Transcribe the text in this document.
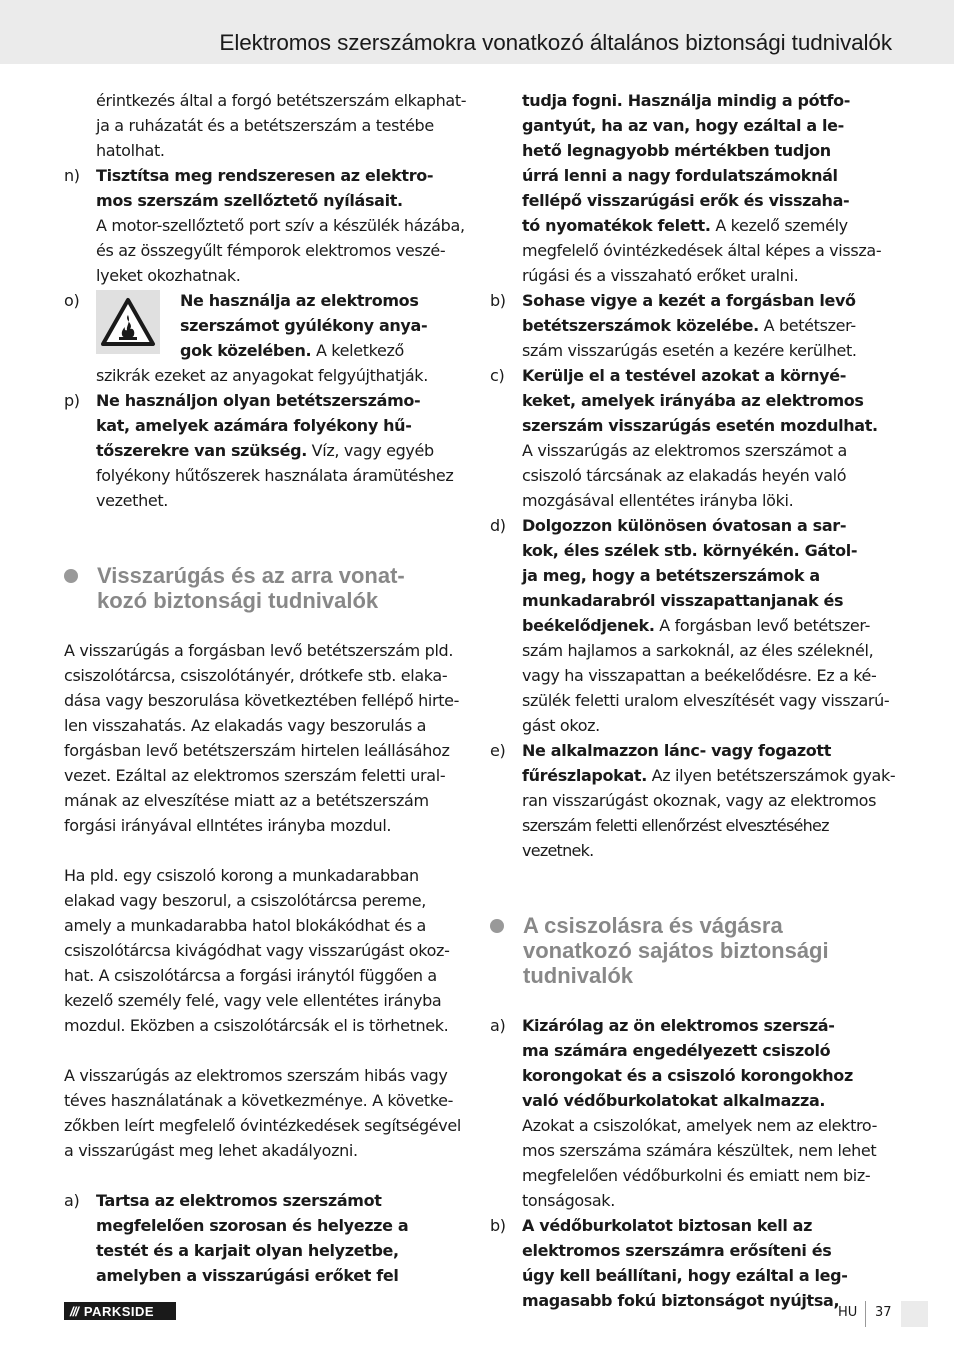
Elektromos szerszámokra vonatkozó általános biztonsági tudnivalók

érintkezés által a forgó betétszerszám elkaphat-

ja a ruházatát és a betétszerszám a testébe

hatolhat.

n) Tisztítsa meg rendszeresen az elektro-

mos szerszám szellőztető nyílásait.

A motor-szellőztető port szív a készülék házába,

és az összegyűlt fémporok elektromos veszé-

lyeket okozhatnak.

o)	Ne használja az elektromos

szerszámot gyúlékony anya-

gok közelében. A keletkező

szikrák ezeket az anyagokat felgyújthatják.

p) Ne használjon olyan betétszerszámo-

kat, amelyek azámára folyékony hű-

tőszerekre van szükség. Víz, vagy egyéb

folyékony hűtőszerek használata áramütéshez

vezethet.

Visszarúgás és az arra vonat-

kozó biztonsági tudnivalók

A visszarúgás a forgásban levő betétszerszám pld.

csiszolótárcsa, csiszolótányér, drótkefe stb. elaka-

dása vagy beszorulása következtében fellépő hirte-

len visszahatás. Az elakadás vagy beszorulás a

forgásban levő betétszerszám hirtelen leállásához

vezet. Ezáltal az elektromos szerszám feletti ural-

mának az elveszítése miatt az a betétszerszám

forgási irányával ellntétes irányba mozdul.

Ha pld. egy csiszoló korong a munkadarabban

elakad vagy beszorul, a csiszolótárcsa pereme,

amely a munkadarabba hatol blokákódhat és a

csiszolótárcsa kivágódhat vagy visszarúgást okoz-

hat. A csiszolótárcsa a forgási iránytól függően a

kezelő személy felé, vagy vele ellentétes irányba

mozdul. Eközben a csiszolótárcsák el is törhetnek.

A visszarúgás az elektromos szerszám hibás vagy

téves használatának a következménye. A követke-

zőkben leírt megfelelő óvintézkedések segítségével

a visszarúgást meg lehet akadályozni.

a) Tartsa az elektromos szerszámot

megfelelően szorosan és helyezze a

testét és a karjait olyan helyzetbe,

amelyben a visszarúgási erőket fel

tudja fogni. Használja mindig a pótfo-

gantyút, ha az van, hogy ezáltal a le-

hető legnagyobb mértékben tudjon

úrrá lenni a nagy fordulatszámoknál

fellépő visszarúgási erők és visszaha-

tó nyomatékok felett. A kezelő személy

megfelelő óvintézkedések által képes a vissza-

rúgási és a visszaható erőket uralni.

b) Sohase vigye a kezét a forgásban levő

betétszerszámok közelébe. A betétszer-

szám visszarúgás esetén a kezére kerülhet.

c) Kerülje el a testével azokat a környé-

keket, amelyek irányába az elektromos

szerszám visszarúgás esetén mozdulhat.

A visszarúgás az elektromos szerszámot a

csiszoló tárcsának az elakadás heyén való

mozgásával ellentétes irányba löki.

d) Dolgozzon különösen óvatosan a sar-

kok, éles szélek stb. környékén. Gátol-

ja meg, hogy a betétszerszámok a

munkadarabról visszapattanjanak és

beékelődjenek. A forgásban levő betétszer-

szám hajlamos a sarkoknál, az éles széleknél,

vagy ha visszapattan a beékelődésre. Ez a ké-

szülék feletti uralom elveszítését vagy visszarú-

gást okoz.

e) Ne alkalmazzon lánc- vagy fogazott

fűrészlapokat. Az ilyen betétszerszámok gyak-

ran visszarúgást okoznak, vagy az elektromos

szerszám feletti ellenőrzést elvesztéséhez vezetnek.

A csiszolásra és vágásra

vonatkozó sajátos biztonsági

tudnivalók

a) Kizárólag az ön elektromos szerszá-

ma számára engedélyezett csiszoló

korongokat és a csiszoló korongokhoz

való védőburkolatokat alkalmazza.

Azokat a csiszolókat, amelyek nem az elektro-

mos szerszáma számára készültek, nem lehet

megfelelően védőburkolni és emiatt nem biz-

tonságosak.

b) A védőburkolatot biztosan kell az

elektromos szerszámra erősíteni és

úgy kell beállítani, hogy ezáltal a leg-

magasabb fokú biztonságot nyújtsa,

/// PARKSIDE	HU 37
